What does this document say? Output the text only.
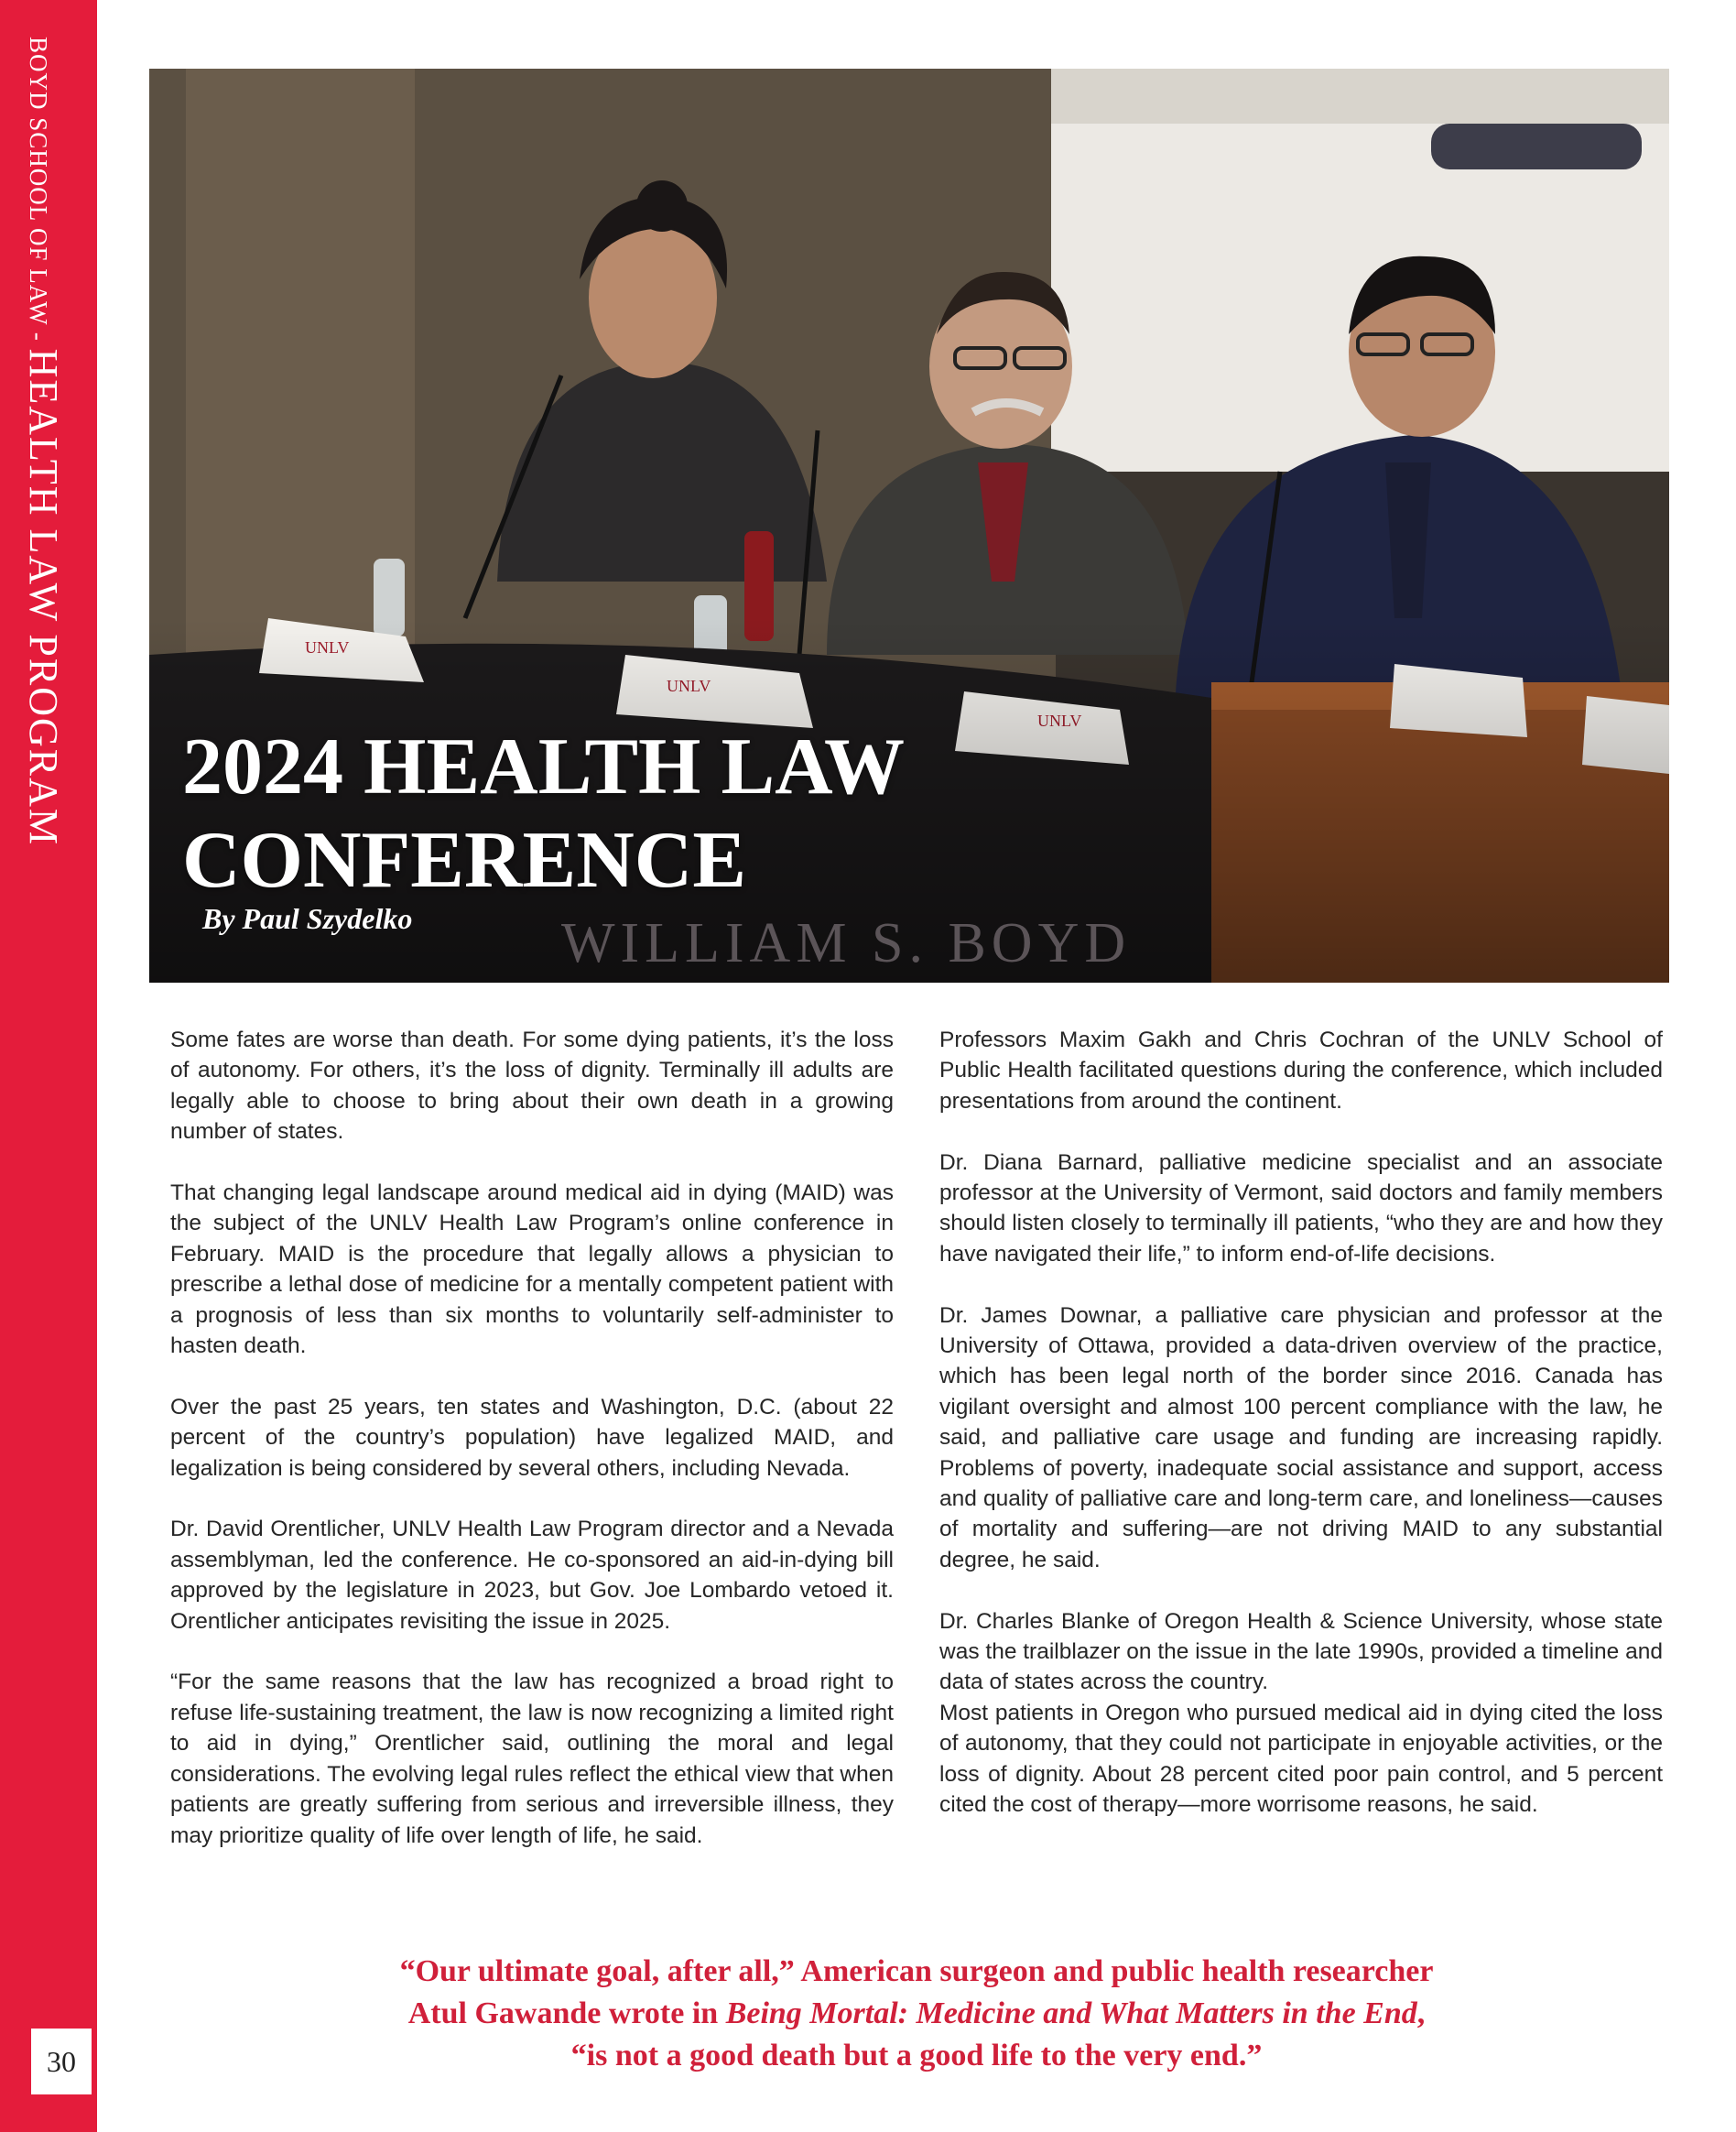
BOYD SCHOOL OF LAW - HEALTH LAW PROGRAM
30
WILLIAM S. BOYD
2024 HEALTH LAW
CONFERENCE
By Paul Szydelko

Some fates are worse than death. For some dying patients, it’s the loss of autonomy. For others, it’s the loss of dignity. Terminally ill adults are legally able to choose to bring about their own death in a growing number of states.

That changing legal landscape around medical aid in dying (MAID) was the subject of the UNLV Health Law Program’s online conference in February. MAID is the procedure that legally allows a physician to prescribe a lethal dose of medicine for a mentally competent patient with a prognosis of less than six months to voluntarily self-administer to hasten death.

Over the past 25 years, ten states and Washington, D.C. (about 22 percent of the country’s population) have legalized MAID, and legalization is being considered by several others, including Nevada.

Dr. David Orentlicher, UNLV Health Law Program director and a Nevada assemblyman, led the conference. He co-sponsored an aid-in-dying bill approved by the legislature in 2023, but Gov. Joe Lombardo vetoed it. Orentlicher anticipates revisiting the issue in 2025.

“For the same reasons that the law has recognized a broad right to refuse life-sustaining treatment, the law is now recognizing a limited right to aid in dying,” Orentlicher said, outlining the moral and legal considerations. The evolving legal rules reflect the ethical view that when patients are greatly suffering from serious and irreversible illness, they may prioritize quality of life over length of life, he said.

Professors Maxim Gakh and Chris Cochran of the UNLV School of Public Health facilitated questions during the conference, which included presentations from around the continent.

Dr. Diana Barnard, palliative medicine specialist and an associate professor at the University of Vermont, said doctors and family members should listen closely to terminally ill patients, “who they are and how they have navigated their life,” to inform end-of-life decisions.

Dr. James Downar, a palliative care physician and professor at the University of Ottawa, provided a data-driven overview of the practice, which has been legal north of the border since 2016. Canada has vigilant oversight and almost 100 percent compliance with the law, he said, and palliative care usage and funding are increasing rapidly. Problems of poverty, inadequate social assistance and support, access and quality of palliative care and long-term care, and loneliness—causes of mortality and suffering—are not driving MAID to any substantial degree, he said.

Dr. Charles Blanke of Oregon Health & Science University, whose state was the trailblazer on the issue in the late 1990s, provided a timeline and data of states across the country.

Most patients in Oregon who pursued medical aid in dying cited the loss of autonomy, that they could not participate in enjoyable activities, or the loss of dignity. About 28 percent cited poor pain control, and 5 percent cited the cost of therapy—more worrisome reasons, he said.

“Our ultimate goal, after all,” American surgeon and public health researcher
Atul Gawande wrote in Being Mortal: Medicine and What Matters in the End,
“is not a good death but a good life to the very end.”
